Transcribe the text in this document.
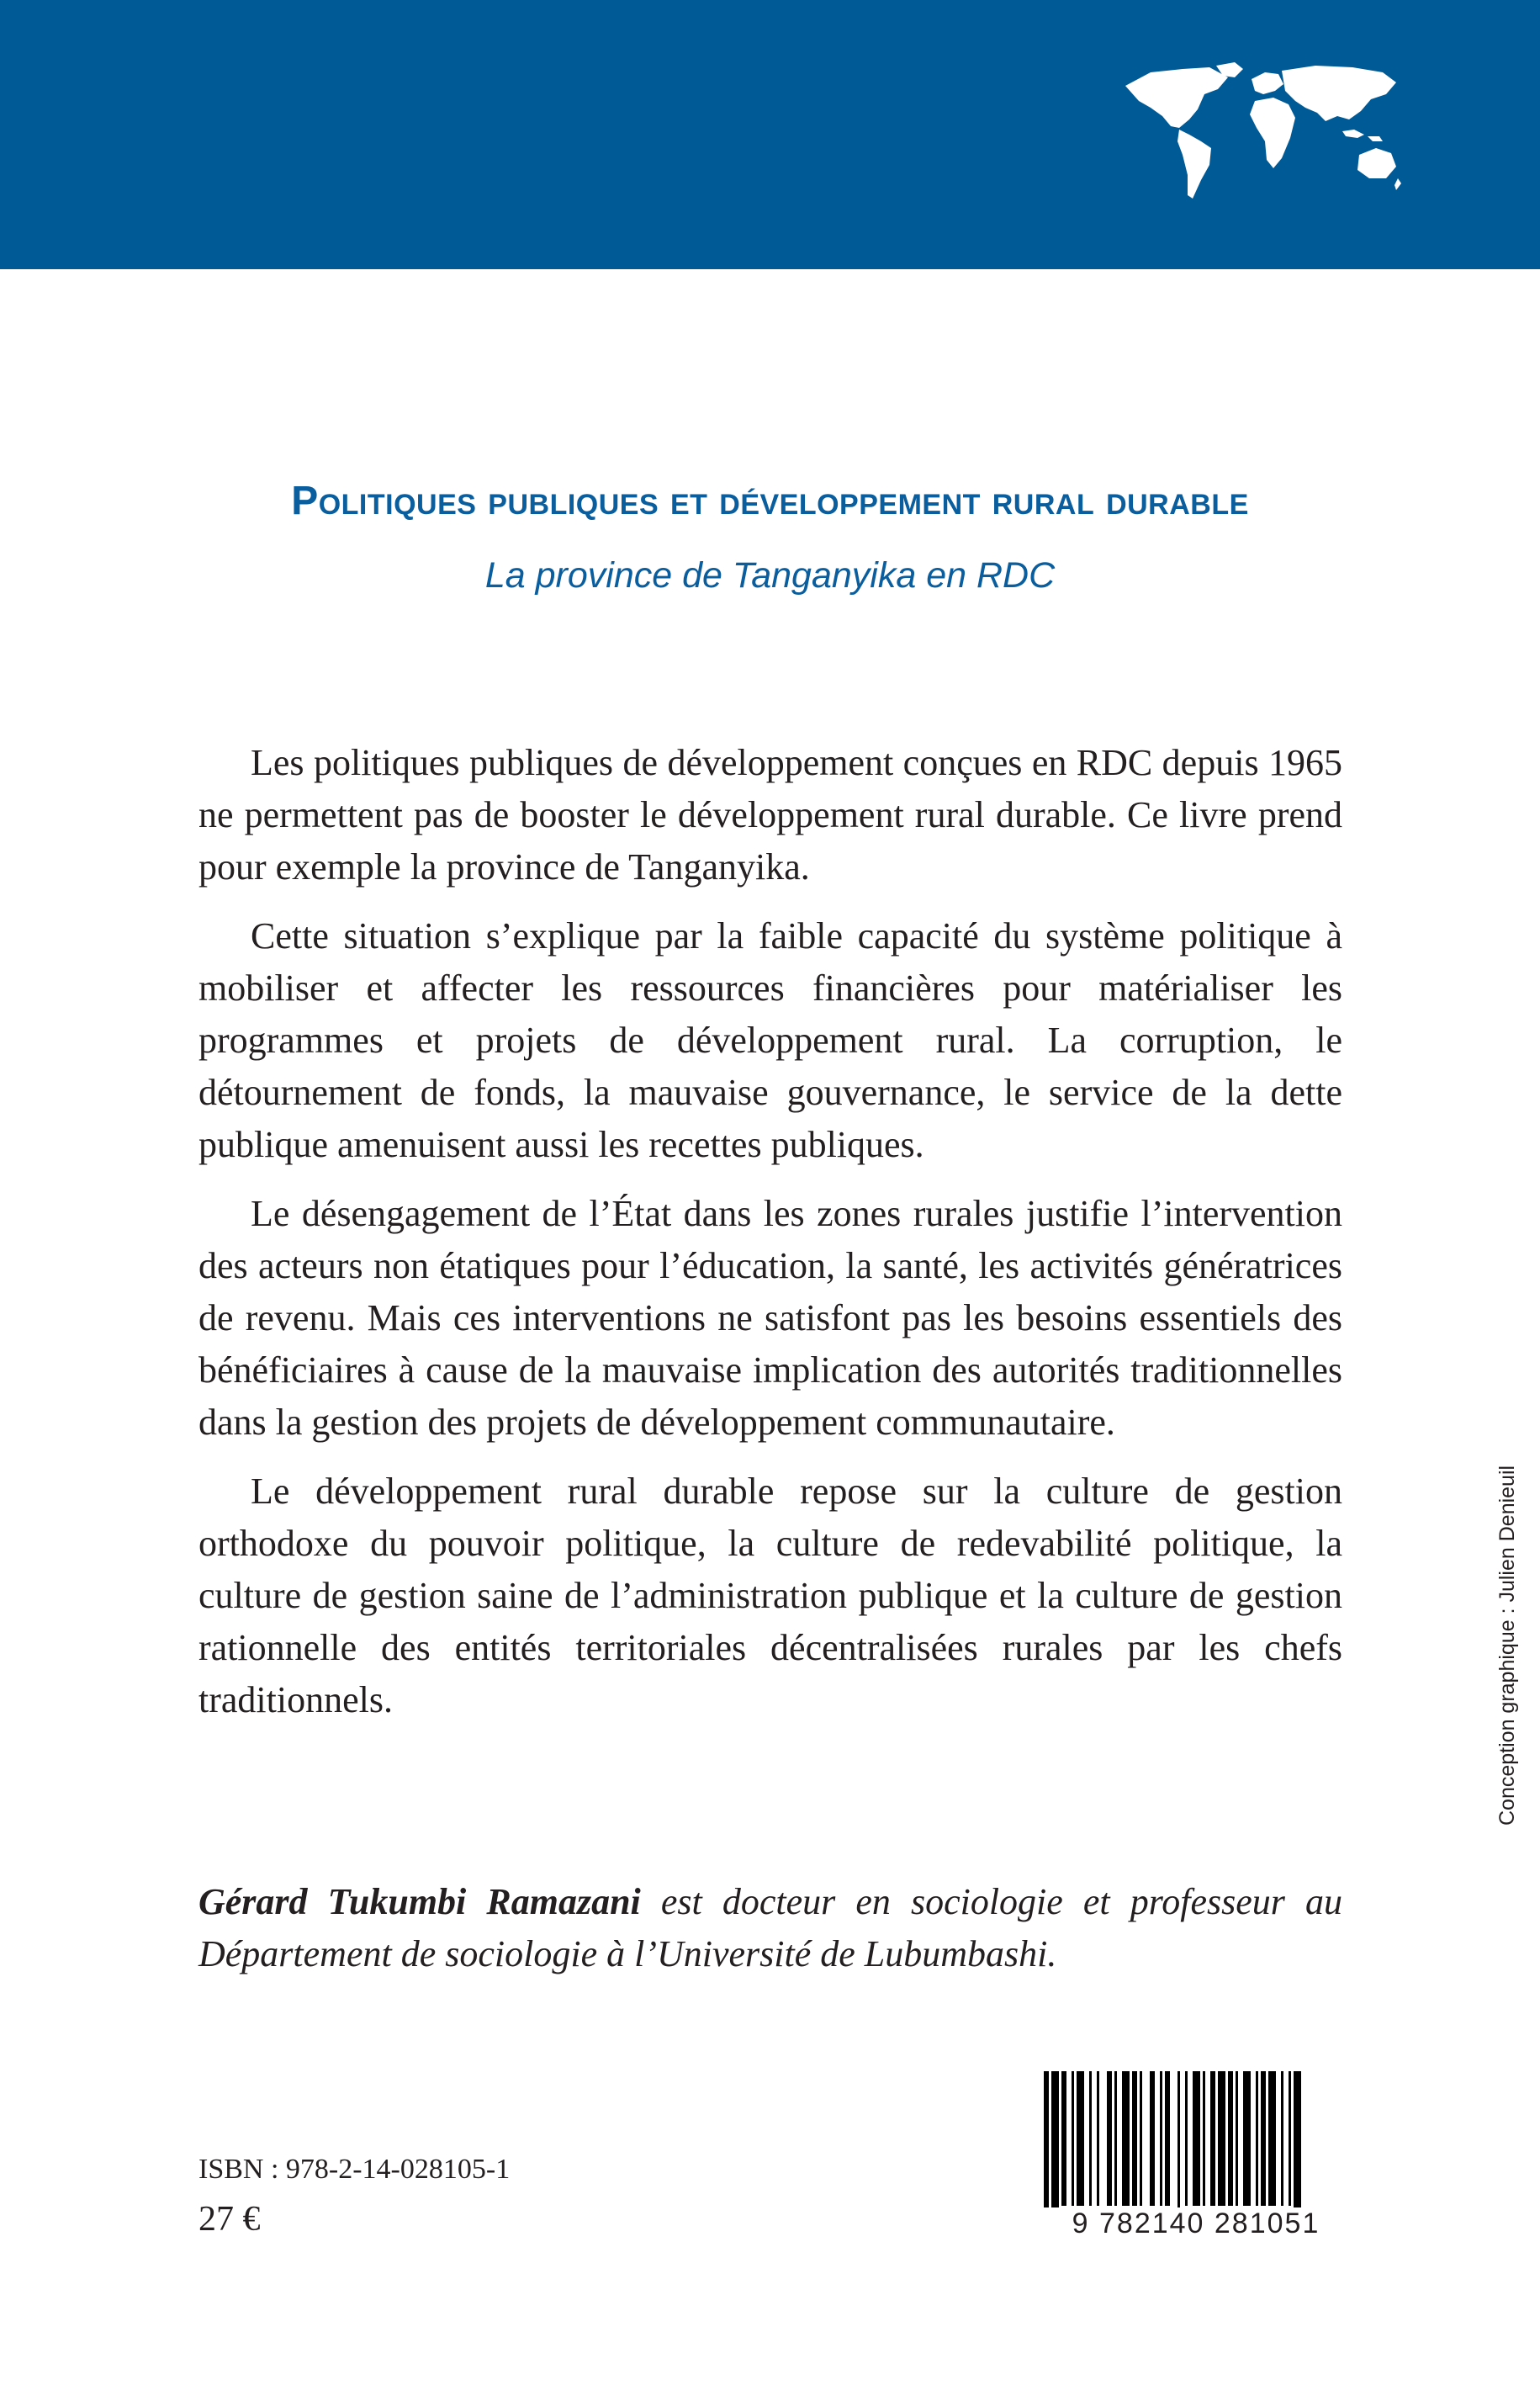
Politiques publiques et développement rural durable
La province de Tanganyika en RDC

Les politiques publiques de développement conçues en RDC depuis 1965 ne permettent pas de booster le développement rural durable. Ce livre prend pour exemple la province de Tanganyika.

Cette situation s’explique par la faible capacité du système politique à mobiliser et affecter les ressources financières pour matérialiser les programmes et projets de développement rural. La corruption, le détournement de fonds, la mauvaise gouvernance, le service de la dette publique amenuisent aussi les recettes publiques.

Le désengagement de l’État dans les zones rurales justifie l’intervention des acteurs non étatiques pour l’éducation, la santé, les activités génératrices de revenu. Mais ces interventions ne satisfont pas les besoins essentiels des bénéficiaires à cause de la mauvaise implication des autorités traditionnelles dans la gestion des projets de développement communautaire.

Le développement rural durable repose sur la culture de gestion orthodoxe du pouvoir politique, la culture de redevabilité politique, la culture de gestion saine de l’administration publique et la culture de gestion rationnelle des entités territoriales décentralisées rurales par les chefs traditionnels.

Gérard Tukumbi Ramazani est docteur en sociologie et professeur au Département de sociologie à l’Université de Lubumbashi.
Conception graphique : Julien Denieuil
ISBN : 978-2-14-028105-1
27 €	9 782140 281051
